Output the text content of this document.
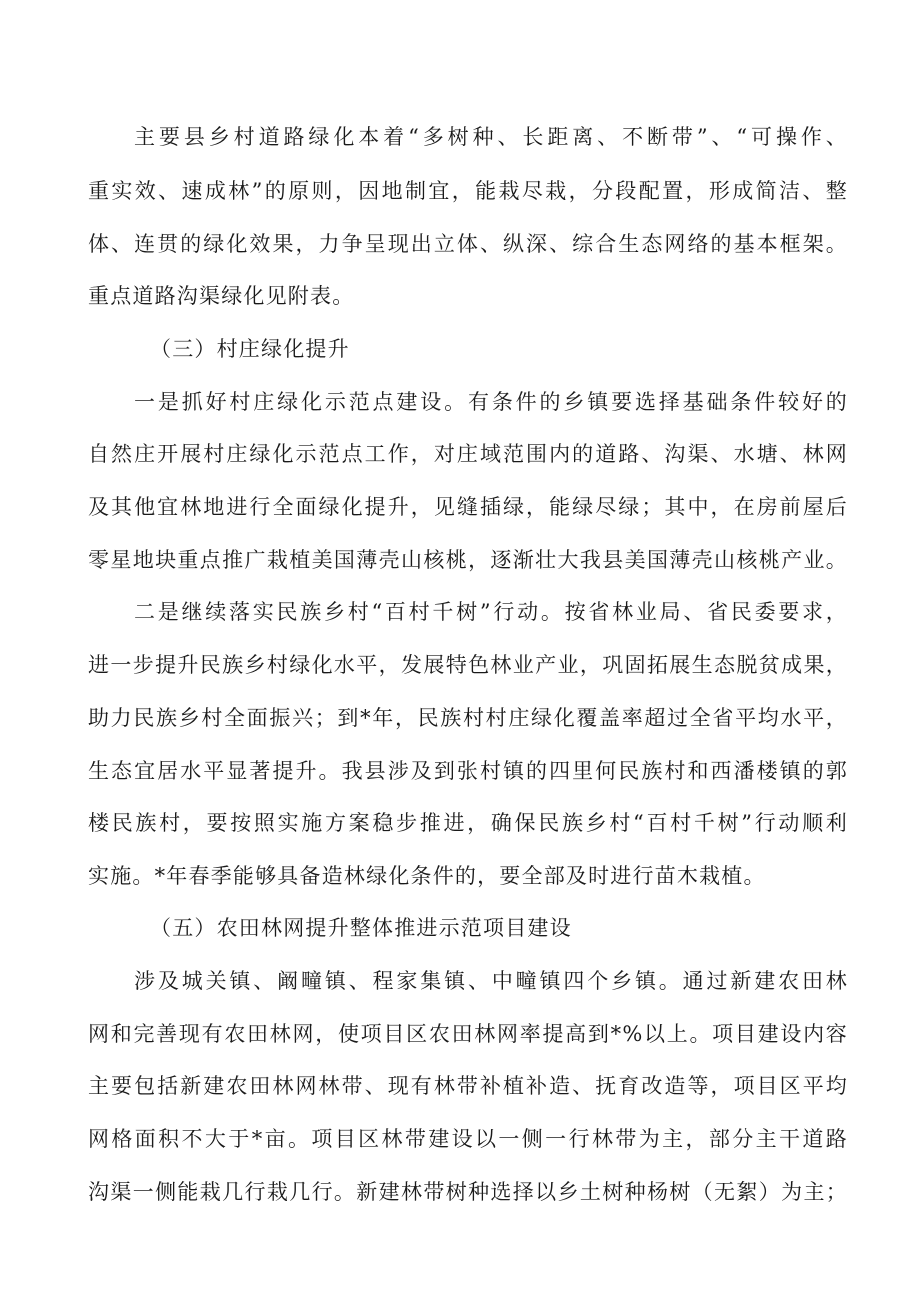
主要县乡村道路绿化本着“多树种、长距离、不断带”、“可操作、
重实效、速成林”的原则，因地制宜，能栽尽栽，分段配置，形成简洁、整
体、连贯的绿化效果，力争呈现出立体、纵深、综合生态网络的基本框架。
重点道路沟渠绿化见附表。
（三）村庄绿化提升
一是抓好村庄绿化示范点建设。有条件的乡镇要选择基础条件较好的
自然庄开展村庄绿化示范点工作，对庄域范围内的道路、沟渠、水塘、林网
及其他宜林地进行全面绿化提升，见缝插绿，能绿尽绿；其中，在房前屋后
零星地块重点推广栽植美国薄壳山核桃，逐渐壮大我县美国薄壳山核桃产业。
二是继续落实民族乡村“百村千树”行动。按省林业局、省民委要求，
进一步提升民族乡村绿化水平，发展特色林业产业，巩固拓展生态脱贫成果，
助力民族乡村全面振兴；到*年，民族村村庄绿化覆盖率超过全省平均水平，
生态宜居水平显著提升。我县涉及到张村镇的四里何民族村和西潘楼镇的郭
楼民族村，要按照实施方案稳步推进，确保民族乡村“百村千树”行动顺利
实施。*年春季能够具备造林绿化条件的，要全部及时进行苗木栽植。
（五）农田林网提升整体推进示范项目建设
涉及城关镇、阚疃镇、程家集镇、中疃镇四个乡镇。通过新建农田林
网和完善现有农田林网，使项目区农田林网率提高到*%以上。项目建设内容
主要包括新建农田林网林带、现有林带补植补造、抚育改造等，项目区平均
网格面积不大于*亩。项目区林带建设以一侧一行林带为主，部分主干道路
沟渠一侧能栽几行栽几行。新建林带树种选择以乡土树种杨树（无絮）为主；
